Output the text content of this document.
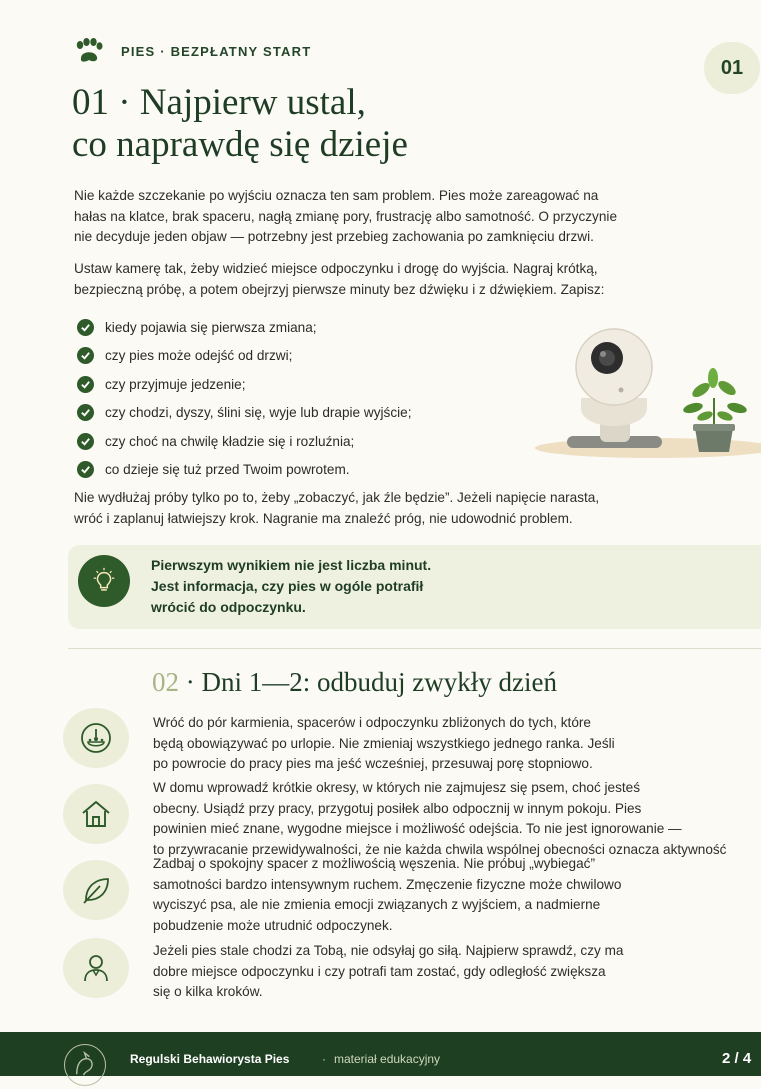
PIES · BEZPŁATNY START
01
01 · Najpierw ustal,
co naprawdę się dzieje
Nie każde szczekanie po wyjściu oznacza ten sam problem. Pies może zareagować na
hałas na klatce, brak spaceru, nagłą zmianę pory, frustrację albo samotność. O przyczynie
nie decyduje jeden objaw — potrzebny jest przebieg zachowania po zamknięciu drzwi.
Ustaw kamerę tak, żeby widzieć miejsce odpoczynku i drogę do wyjścia. Nagraj krótką,
bezpieczną próbę, a potem obejrzyj pierwsze minuty bez dźwięku i z dźwiękiem. Zapisz:
kiedy pojawia się pierwsza zmiana;
czy pies może odejść od drzwi;
czy przyjmuje jedzenie;
czy chodzi, dyszy, ślini się, wyje lub drapie wyjście;
czy choć na chwilę kładzie się i rozluźnia;
co dzieje się tuż przed Twoim powrotem.
Nie wydłużaj próby tylko po to, żeby „zobaczyć, jak źle będzie”. Jeżeli napięcie narasta,
wróć i zaplanuj łatwiejszy krok. Nagranie ma znaleźć próg, nie udowodnić problem.
Pierwszym wynikiem nie jest liczba minut.
Jest informacja, czy pies w ogóle potrafił
wrócić do odpoczynku.
02 · Dni 1—2: odbuduj zwykły dzień
Wróć do pór karmienia, spacerów i odpoczynku zbliżonych do tych, które
będą obowiązywać po urlopie. Nie zmieniaj wszystkiego jednego ranka. Jeśli
po powrocie do pracy pies ma jeść wcześniej, przesuwaj porę stopniowo.
W domu wprowadź krótkie okresy, w których nie zajmujesz się psem, choć jesteś
obecny. Usiądź przy pracy, przygotuj posiłek albo odpocznij w innym pokoju. Pies
powinien mieć znane, wygodne miejsce i możliwość odejścia. To nie jest ignorowanie —
to przywracanie przewidywalności, że nie każda chwila wspólnej obecności oznacza aktywność
Zadbaj o spokojny spacer z możliwością węszenia. Nie próbuj „wybiegać”
samotności bardzo intensywnym ruchem. Zmęczenie fizyczne może chwilowo
wyciszyć psa, ale nie zmienia emocji związanych z wyjściem, a nadmierne
pobudzenie może utrudnić odpoczynek.
Jeżeli pies stale chodzi za Tobą, nie odsyłaj go siłą. Najpierw sprawdź, czy ma
dobre miejsce odpoczynku i czy potrafi tam zostać, gdy odległość zwiększa
się o kilka kroków.
Regulski Behawiorysta Pies	· materiał edukacyjny	2 / 4
